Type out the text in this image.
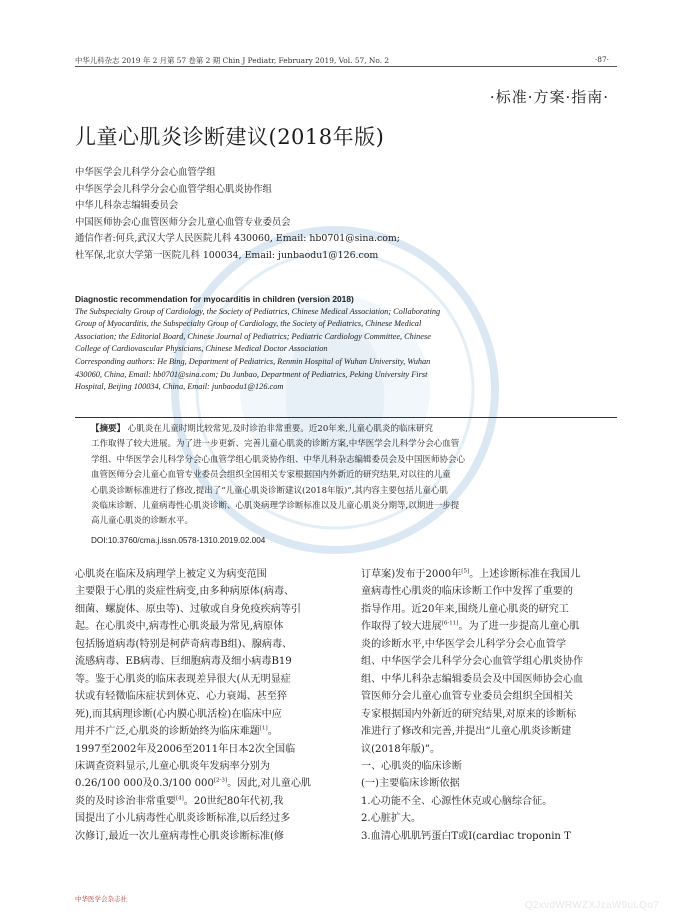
中华儿科杂志 2019 年 2 月第 57 卷第 2 期 Chin J Pediatr, February 2019, Vol. 57, No. 2	·87·
·标准·方案·指南·
儿童心肌炎诊断建议(2018年版)
中华医学会儿科学分会心血管学组
中华医学会儿科学分会心血管学组心肌炎协作组
中华儿科杂志编辑委员会
中国医师协会心血管医师分会儿童心血管专业委员会
通信作者:何兵,武汉大学人民医院儿科 430060, Email: hb0701@sina.com;
杜军保,北京大学第一医院儿科 100034, Email: junbaodu1@126.com
Diagnostic recommendation for myocarditis in children (version 2018)
The Subspecialty Group of Cardiology, the Society of Pediatrics, Chinese Medical Association; Collaborating
Group of Myocarditis, the Subspecialty Group of Cardiology, the Society of Pediatrics, Chinese Medical
Association; the Editorial Board, Chinese Journal of Pediatrics; Pediatric Cardiology Committee, Chinese
College of Cardiovascular Physicians, Chinese Medical Doctor Association
Corresponding authors: He Bing, Department of Pediatrics, Renmin Hospital of Wuhan University, Wuhan
430060, China, Email: hb0701@sina.com; Du Junbao, Department of Pediatrics, Peking University First
Hospital, Beijing 100034, China, Email: junbaodu1@126.com
【摘要】 心肌炎在儿童时期比较常见,及时诊治非常重要。近20年来,儿童心肌炎的临床研究
工作取得了较大进展。为了进一步更新、完善儿童心肌炎的诊断方案,中华医学会儿科学分会心血管
学组、中华医学会儿科学分会心血管学组心肌炎协作组、中华儿科杂志编辑委员会及中国医师协会心
血管医师分会儿童心血管专业委员会组织全国相关专家根据国内外新近的研究结果,对以往的儿童
心肌炎诊断标准进行了修改,提出了“儿童心肌炎诊断建议(2018年版)”,其内容主要包括儿童心肌
炎临床诊断、儿童病毒性心肌炎诊断、心肌炎病理学诊断标准以及儿童心肌炎分期等,以期进一步提
高儿童心肌炎的诊断水平。
DOI:10.3760/cma.j.issn.0578-1310.2019.02.004
心肌炎在临床及病理学上被定义为病变范围
主要限于心肌的炎症性病变,由多种病原体(病毒、
细菌、螺旋体、原虫等)、过敏或自身免疫疾病等引
起。在心肌炎中,病毒性心肌炎最为常见,病原体
包括肠道病毒(特别是柯萨奇病毒B组)、腺病毒、
流感病毒、EB病毒、巨细胞病毒及细小病毒B19
等。鉴于心肌炎的临床表现差异很大(从无明显症
状或有轻微临床症状到休克、心力衰竭、甚至猝
死),而其病理诊断(心内膜心肌活检)在临床中应
用并不广泛,心肌炎的诊断始终为临床难题[1]。
1997至2002年及2006至2011年日本2次全国临
床调查资料显示,儿童心肌炎年发病率分别为
0.26/100 000及0.3/100 000[2-3]。因此,对儿童心肌
炎的及时诊治非常重要[4]。20世纪80年代初,我
国提出了小儿病毒性心肌炎诊断标准,以后经过多
次修订,最近一次儿童病毒性心肌炎诊断标准(修
订草案)发布于2000年[5]。上述诊断标准在我国儿
童病毒性心肌炎的临床诊断工作中发挥了重要的
指导作用。近20年来,围绕儿童心肌炎的研究工
作取得了较大进展[6-11]。为了进一步提高儿童心肌
炎的诊断水平,中华医学会儿科学分会心血管学
组、中华医学会儿科学分会心血管学组心肌炎协作
组、中华儿科杂志编辑委员会及中国医师协会心血
管医师分会儿童心血管专业委员会组织全国相关
专家根据国内外新近的研究结果,对原来的诊断标
准进行了修改和完善,并提出“儿童心肌炎诊断建
议(2018年版)”。
一、心肌炎的临床诊断
(一)主要临床诊断依据
1.心功能不全、心源性休克或心脑综合征。
2.心脏扩大。
3.血清心肌肌钙蛋白T或I(cardiac troponin T
中华医学会杂志社
Q2xvdWRWZXJzaW9uLQo?
